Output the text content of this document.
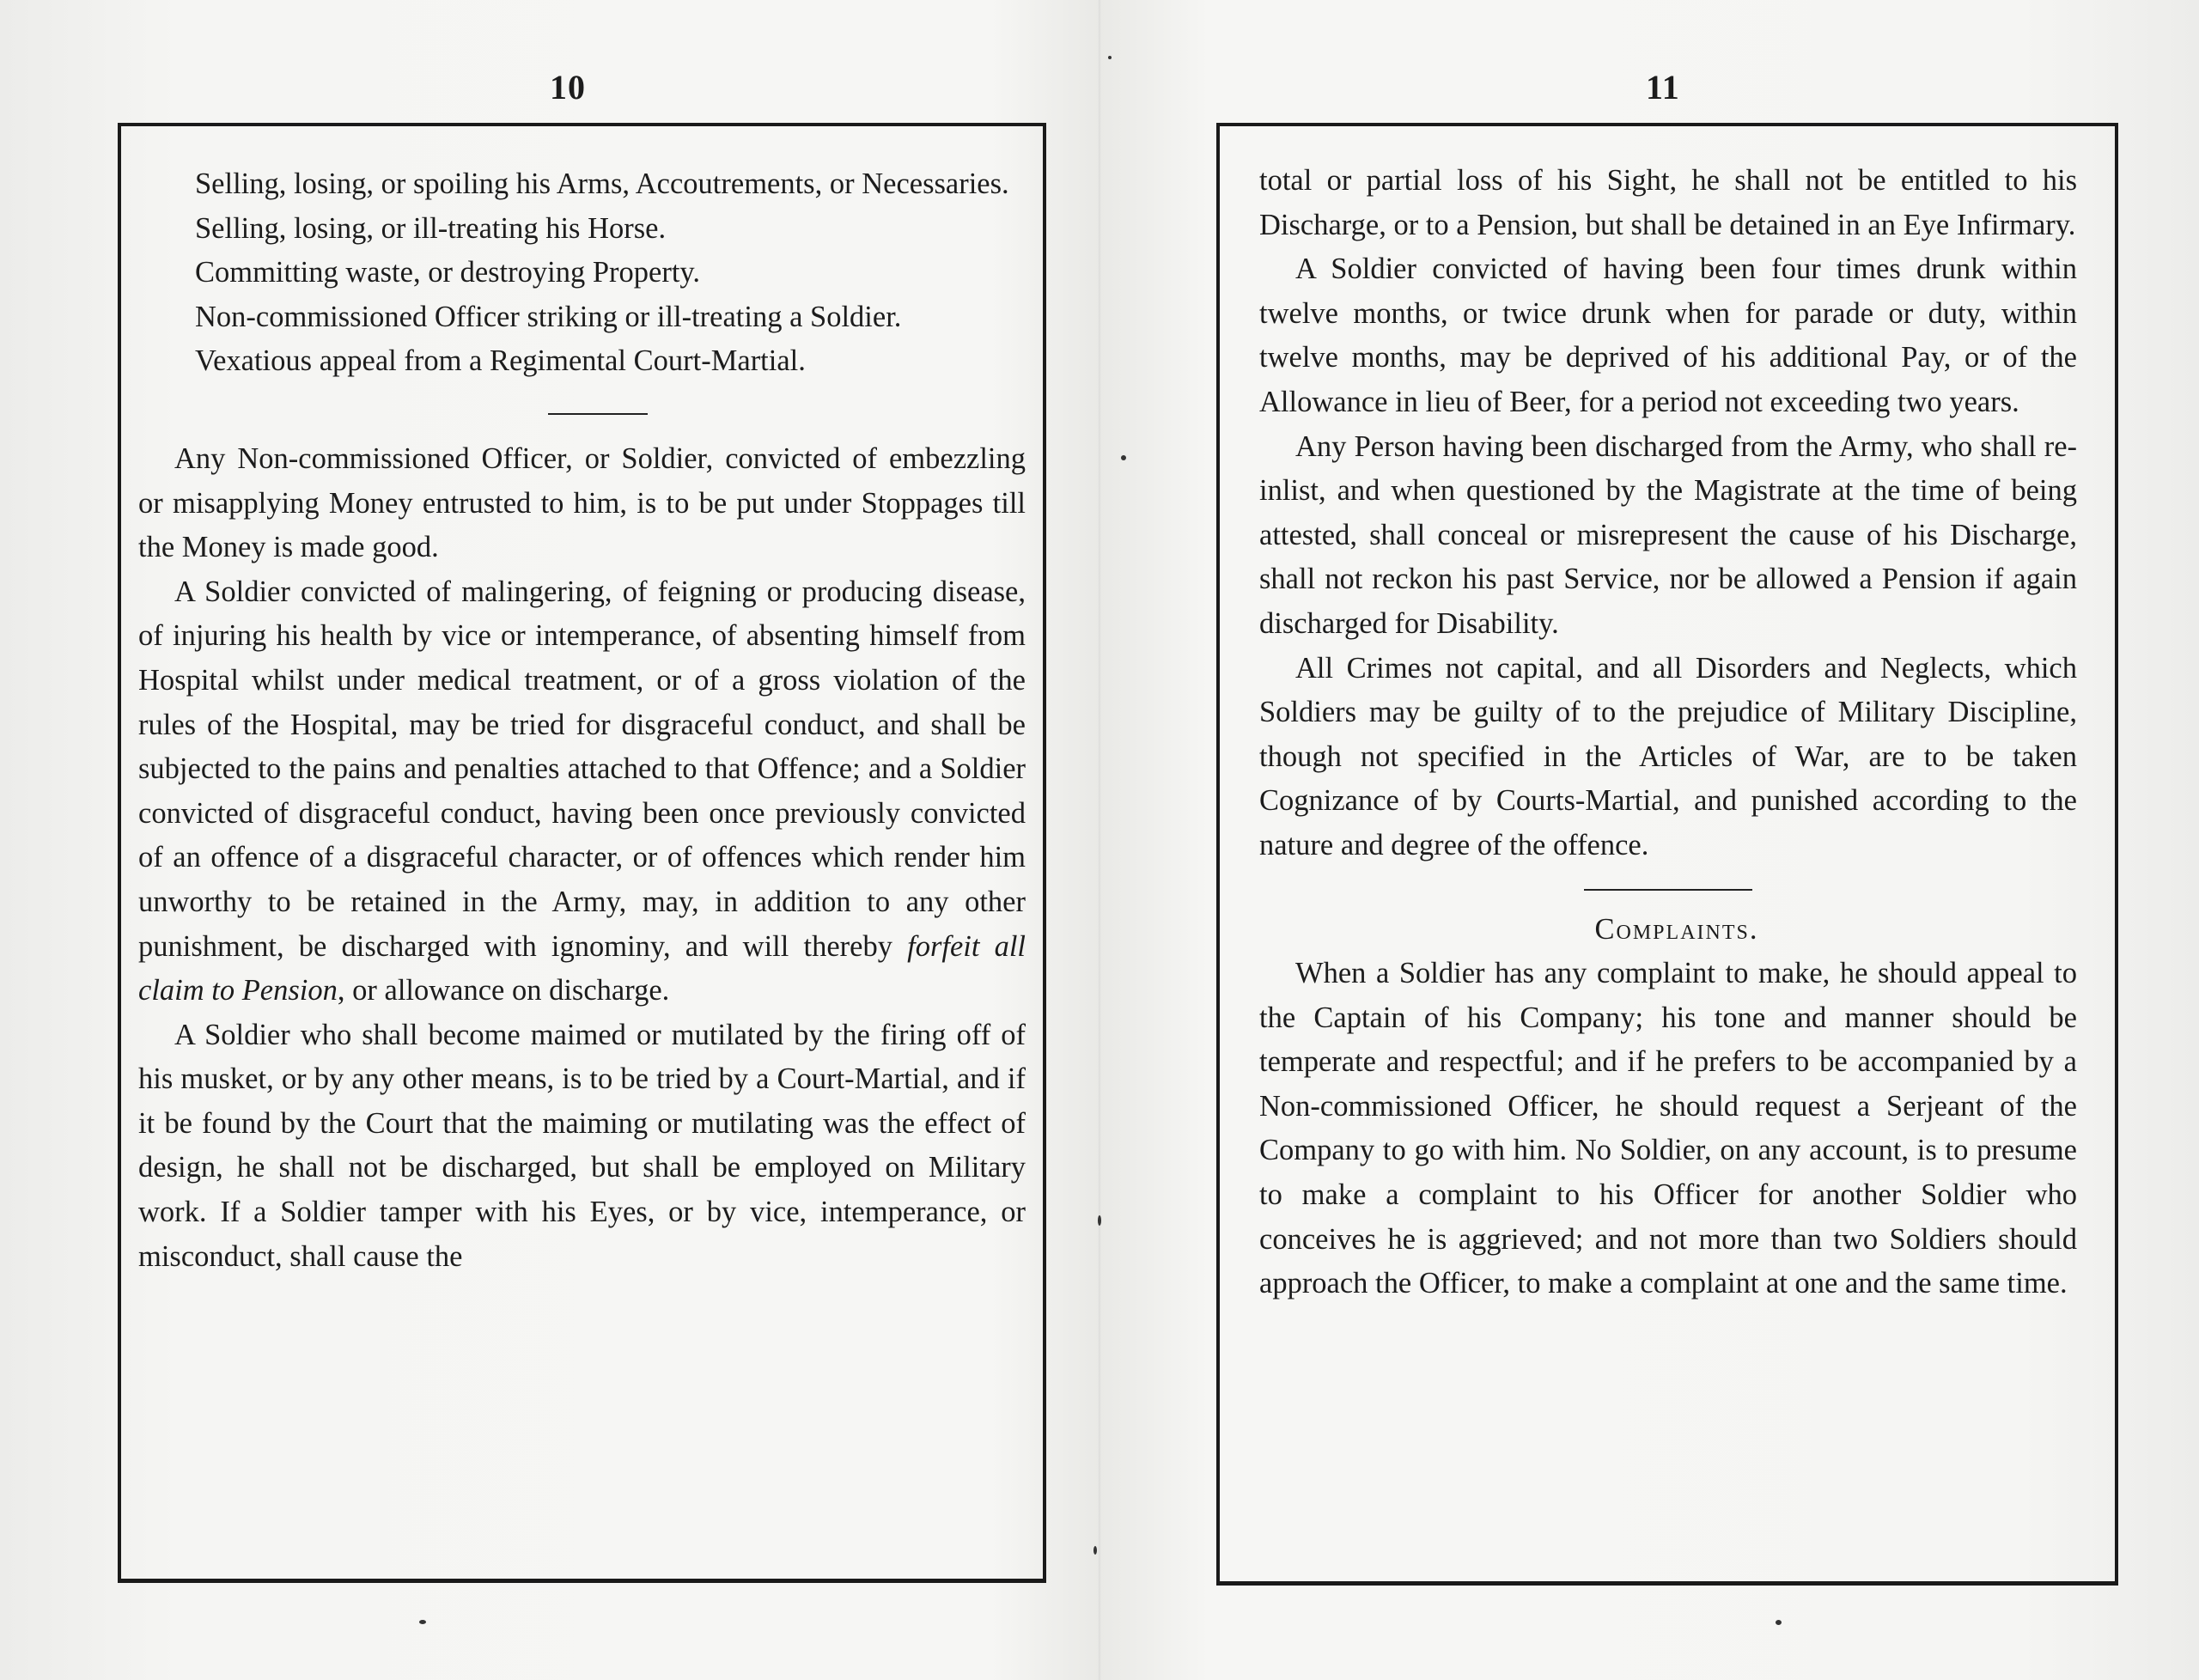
10

Selling, losing, or spoiling his Arms, Accoutrements, or Necessaries.

Selling, losing, or ill-treating his Horse.

Committing waste, or destroying Property.

Non-commissioned Officer striking or ill-treating a Soldier.

Vexatious appeal from a Regimental Court-Martial.

Any Non-commissioned Officer, or Soldier, convicted of embezzling or misapplying Money entrusted to him, is to be put under Stoppages till the Money is made good.

A Soldier convicted of malingering, of feigning or producing disease, of injuring his health by vice or intemperance, of absenting himself from Hospital whilst under medical treatment, or of a gross violation of the rules of the Hospital, may be tried for disgraceful conduct, and shall be subjected to the pains and penalties attached to that Offence; and a Soldier convicted of disgraceful conduct, having been once previously convicted of an offence of a disgraceful character, or of offences which render him unworthy to be retained in the Army, may, in addition to any other punishment, be discharged with ignominy, and will thereby forfeit all claim to Pension, or allowance on discharge.

A Soldier who shall become maimed or mutilated by the firing off of his musket, or by any other means, is to be tried by a Court-Martial, and if it be found by the Court that the maiming or mutilating was the effect of design, he shall not be discharged, but shall be employed on Military work. If a Soldier tamper with his Eyes, or by vice, intemperance, or misconduct, shall cause the

11

total or partial loss of his Sight, he shall not be entitled to his Discharge, or to a Pension, but shall be detained in an Eye Infirmary.

A Soldier convicted of having been four times drunk within twelve months, or twice drunk when for parade or duty, within twelve months, may be deprived of his additional Pay, or of the Allowance in lieu of Beer, for a period not exceeding two years.

Any Person having been discharged from the Army, who shall re-inlist, and when questioned by the Magistrate at the time of being attested, shall conceal or misrepresent the cause of his Discharge, shall not reckon his past Service, nor be allowed a Pension if again discharged for Disability.

All Crimes not capital, and all Disorders and Neglects, which Soldiers may be guilty of to the prejudice of Military Discipline, though not specified in the Articles of War, are to be taken Cognizance of by Courts-Martial, and punished according to the nature and degree of the offence.

Complaints.

When a Soldier has any complaint to make, he should appeal to the Captain of his Company; his tone and manner should be temperate and respectful; and if he prefers to be accompanied by a Non-commissioned Officer, he should request a Serjeant of the Company to go with him. No Soldier, on any account, is to presume to make a complaint to his Officer for another Soldier who conceives he is aggrieved; and not more than two Soldiers should approach the Officer, to make a complaint at one and the same time.
